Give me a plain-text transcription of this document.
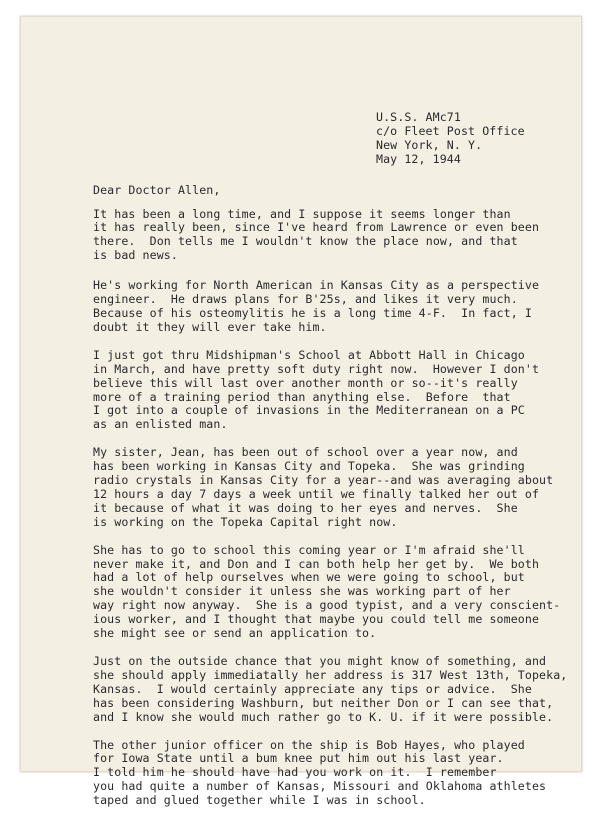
U.S.S. AMc71
c/o Fleet Post Office
New York, N. Y.
May 12, 1944
Dear Doctor Allen,
It has been a long time, and I suppose it seems longer than
it has really been, since I've heard from Lawrence or even been
there.  Don tells me I wouldn't know the place now, and that
is bad news.
He's working for North American in Kansas City as a perspective
engineer.  He draws plans for B'25s, and likes it very much.
Because of his osteomylitis he is a long time 4-F.  In fact, I
doubt it they will ever take him.
I just got thru Midshipman's School at Abbott Hall in Chicago
in March, and have pretty soft duty right now.  However I don't
believe this will last over another month or so--it's really
more of a training period than anything else.  Before  that
I got into a couple of invasions in the Mediterranean on a PC
as an enlisted man.
My sister, Jean, has been out of school over a year now, and
has been working in Kansas City and Topeka.  She was grinding
radio crystals in Kansas City for a year--and was averaging about
12 hours a day 7 days a week until we finally talked her out of
it because of what it was doing to her eyes and nerves.  She
is working on the Topeka Capital right now.
She has to go to school this coming year or I'm afraid she'll
never make it, and Don and I can both help her get by.  We both
had a lot of help ourselves when we were going to school, but
she wouldn't consider it unless she was working part of her
way right now anyway.  She is a good typist, and a very conscient-
ious worker, and I thought that maybe you could tell me someone
she might see or send an application to.
Just on the outside chance that you might know of something, and
she should apply immediatally her address is 317 West 13th, Topeka,
Kansas.  I would certainly appreciate any tips or advice.  She
has been considering Washburn, but neither Don or I can see that,
and I know she would much rather go to K. U. if it were possible.
The other junior officer on the ship is Bob Hayes, who played
for Iowa State until a bum knee put him out his last year.
I told him he should have had you work on it.  I remember
you had quite a number of Kansas, Missouri and Oklahoma athletes
taped and glued together while I was in school.
